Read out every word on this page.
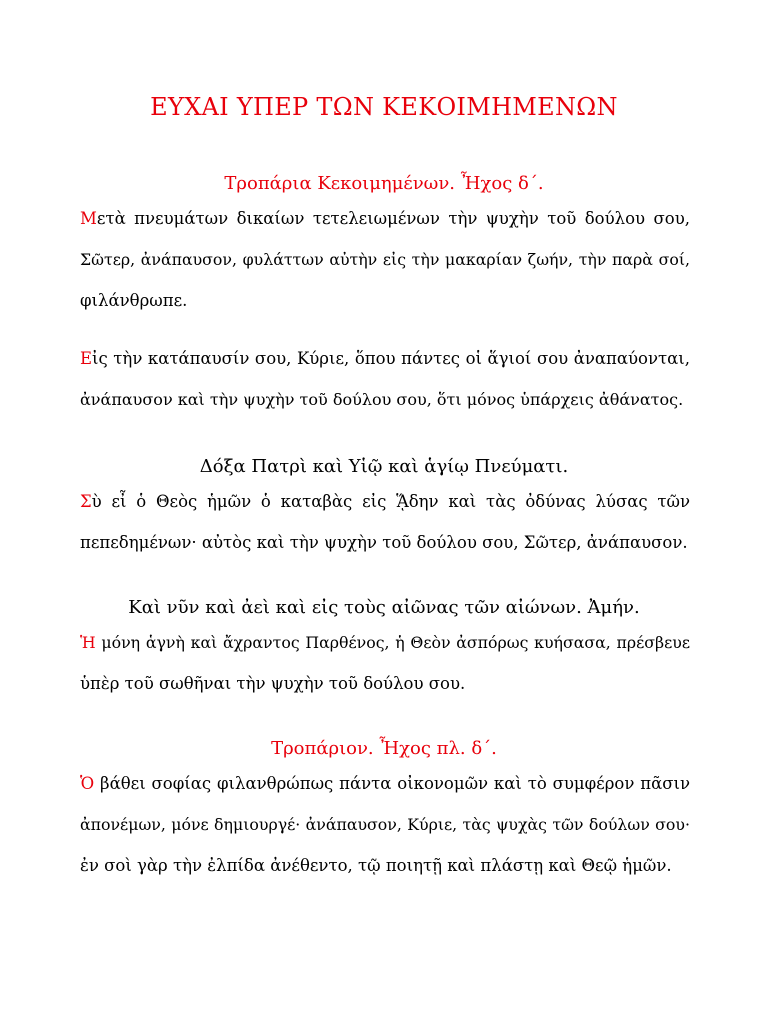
ΕΥΧΑΙ ΥΠΕΡ ΤΩΝ ΚΕΚΟΙΜΗΜΕΝΩΝ
Τροπάρια Κεκοιμημένων. Ἦχος δ΄.
Μετὰ πνευμάτων δικαίων τετελειωμένων τὴν ψυχὴν τοῦ δούλου σου,
Σῶτερ, ἀνάπαυσον, φυλάττων αὐτὴν εἰς τὴν μακαρίαν ζωήν, τὴν παρὰ σοί,
φιλάνθρωπε.
Εἰς τὴν κατάπαυσίν σου, Κύριε, ὅπου πάντες οἱ ἅγιοί σου ἀναπαύονται,
ἀνάπαυσον καὶ τὴν ψυχὴν τοῦ δούλου σου, ὅτι μόνος ὑπάρχεις ἀθάνατος.
Δόξα Πατρὶ καὶ Υἱῷ καὶ ἁγίῳ Πνεύματι.
Σὺ εἶ ὁ Θεὸς ἡμῶν ὁ καταβὰς εἰς ᾍδην καὶ τὰς ὀδύνας λύσας τῶν
πεπεδημένων· αὐτὸς καὶ τὴν ψυχὴν τοῦ δούλου σου, Σῶτερ, ἀνάπαυσον.
Καὶ νῦν καὶ ἀεὶ καὶ εἰς τοὺς αἰῶνας τῶν αἰώνων. Ἀμήν.
Ἡ μόνη ἁγνὴ καὶ ἄχραντος Παρθένος, ἡ Θεὸν ἀσπόρως κυήσασα, πρέσβευε
ὑπὲρ τοῦ σωθῆναι τὴν ψυχὴν τοῦ δούλου σου.
Τροπάριον. Ἦχος πλ. δ΄.
Ὁ βάθει σοφίας φιλανθρώπως πάντα οἰκονομῶν καὶ τὸ συμφέρον πᾶσιν
ἀπονέμων, μόνε δημιουργέ· ἀνάπαυσον, Κύριε, τὰς ψυχὰς τῶν δούλων σου·
ἐν σοὶ γὰρ τὴν ἐλπίδα ἀνέθεντο, τῷ ποιητῇ καὶ πλάστῃ καὶ Θεῷ ἡμῶν.
